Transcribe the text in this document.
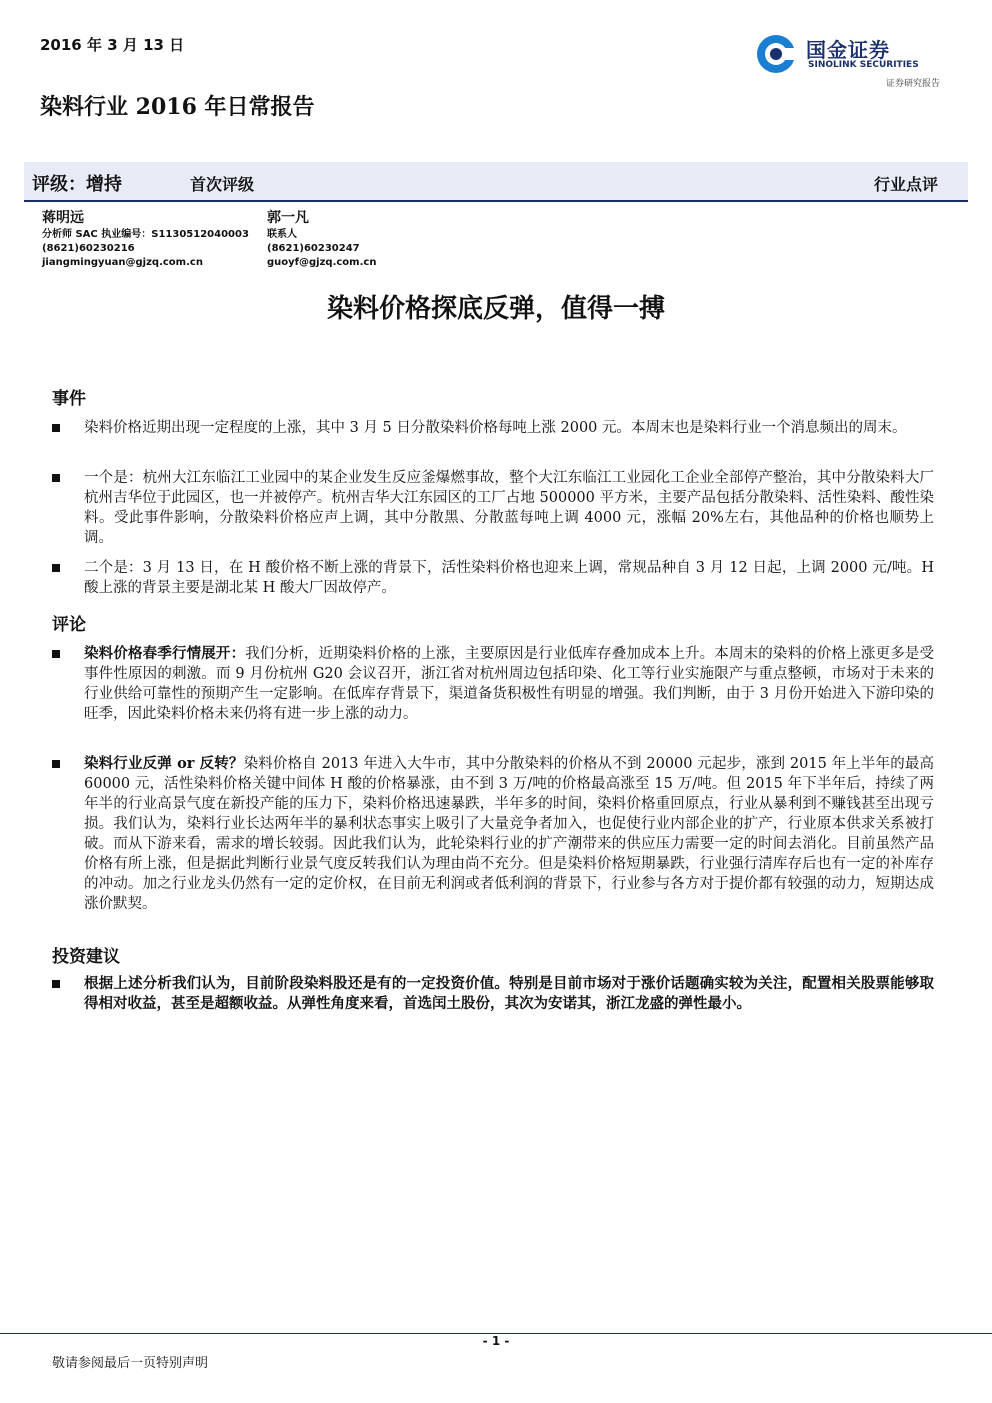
2016 年 3 月 13 日	国金证券
SINOLINK SECURITIES
证券研究报告
染料行业 2016 年日常报告
评级：增持	首次评级	行业点评
蒋明远
分析师 SAC 执业编号：S1130512040003
(8621)60230216
jiangmingyuan@gjzq.com.cn
郭一凡
联系人
(8621)60230247
guoyf@gjzq.com.cn
染料价格探底反弹，值得一搏
事件
染料价格近期出现一定程度的上涨，其中 3 月 5 日分散染料价格每吨上涨 2000 元。本周末也是染料行业一个消息频出的周末。
一个是：杭州大江东临江工业园中的某企业发生反应釜爆燃事故，整个大江东临江工业园化工企业全部停产整治，其中分散染料大厂杭州吉华位于此园区，也一并被停产。杭州吉华大江东园区的工厂占地 500000 平方米，主要产品包括分散染料、活性染料、酸性染料。受此事件影响，分散染料价格应声上调，其中分散黑、分散蓝每吨上调 4000 元，涨幅 20%左右，其他品种的价格也顺势上调。
二个是：3 月 13 日，在 H 酸价格不断上涨的背景下，活性染料价格也迎来上调，常规品种自 3 月 12 日起，上调 2000 元/吨。H 酸上涨的背景主要是湖北某 H 酸大厂因故停产。
评论
染料价格春季行情展开：我们分析，近期染料价格的上涨，主要原因是行业低库存叠加成本上升。本周末的染料的价格上涨更多是受事件性原因的刺激。而 9 月份杭州 G20 会议召开，浙江省对杭州周边包括印染、化工等行业实施限产与重点整顿，市场对于未来的行业供给可靠性的预期产生一定影响。在低库存背景下，渠道备货积极性有明显的增强。我们判断，由于 3 月份开始进入下游印染的旺季，因此染料价格未来仍将有进一步上涨的动力。
染料行业反弹 or 反转？染料价格自 2013 年进入大牛市，其中分散染料的价格从不到 20000 元起步，涨到 2015 年上半年的最高 60000 元，活性染料价格关键中间体 H 酸的价格暴涨，由不到 3 万/吨的价格最高涨至 15 万/吨。但 2015 年下半年后，持续了两年半的行业高景气度在新投产能的压力下，染料价格迅速暴跌，半年多的时间，染料价格重回原点，行业从暴利到不赚钱甚至出现亏损。我们认为，染料行业长达两年半的暴利状态事实上吸引了大量竞争者加入，也促使行业内部企业的扩产，行业原本供求关系被打破。而从下游来看，需求的增长较弱。因此我们认为，此轮染料行业的扩产潮带来的供应压力需要一定的时间去消化。目前虽然产品价格有所上涨，但是据此判断行业景气度反转我们认为理由尚不充分。但是染料价格短期暴跌，行业强行清库存后也有一定的补库存的冲动。加之行业龙头仍然有一定的定价权，在目前无利润或者低利润的背景下，行业参与各方对于提价都有较强的动力，短期达成涨价默契。
投资建议
根据上述分析我们认为，目前阶段染料股还是有的一定投资价值。特别是目前市场对于涨价话题确实较为关注，配置相关股票能够取得相对收益，甚至是超额收益。从弹性角度来看，首选闰土股份，其次为安诺其，浙江龙盛的弹性最小。
- 1 -
敬请参阅最后一页特别声明
